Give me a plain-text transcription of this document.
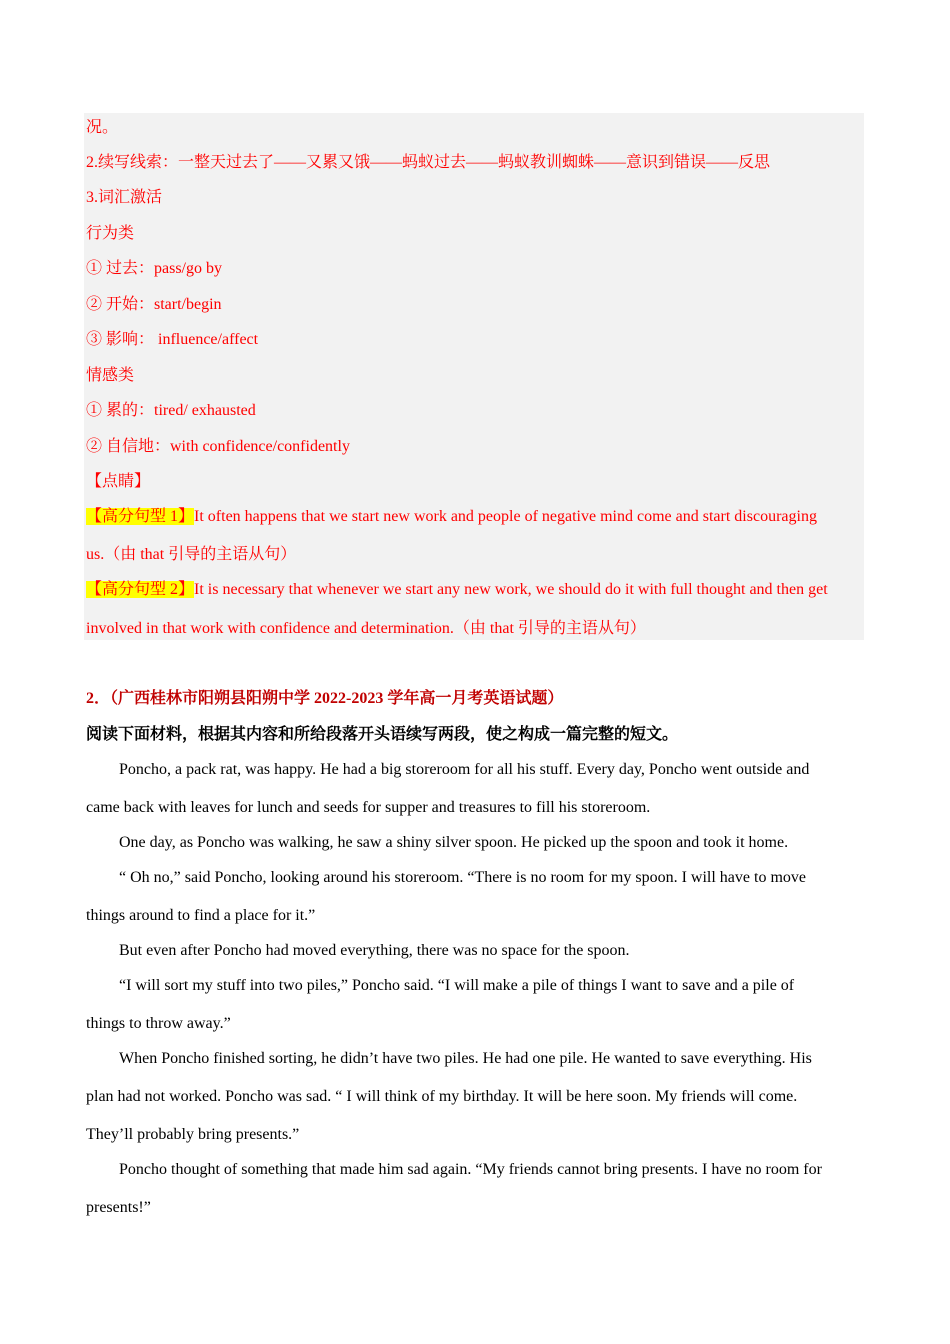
况。
2.续写线索：一整天过去了——又累又饿——蚂蚁过去——蚂蚁教训蜘蛛——意识到错误——反思
3.词汇激活
行为类
① 过去：pass/go by
② 开始：start/begin
③ 影响： influence/affect
情感类
① 累的：tired/ exhausted
② 自信地：with confidence/confidently
【点睛】
【高分句型 1】It often happens that we start new work and people of negative mind come and start discouraging
us.（由 that 引导的主语从句）
【高分句型 2】It is necessary that whenever we start any new work, we should do it with full thought and then get
involved in that work with confidence and determination.（由 that 引导的主语从句）
2．（广西桂林市阳朔县阳朔中学 2022-2023 学年高一月考英语试题）
阅读下面材料，根据其内容和所给段落开头语续写两段，使之构成一篇完整的短文。
Poncho, a pack rat, was happy. He had a big storeroom for all his stuff. Every day, Poncho went outside and
came back with leaves for lunch and seeds for supper and treasures to fill his storeroom.
One day, as Poncho was walking, he saw a shiny silver spoon. He picked up the spoon and took it home.
“ Oh no,” said Poncho, looking around his storeroom. “There is no room for my spoon. I will have to move
things around to find a place for it.”
But even after Poncho had moved everything, there was no space for the spoon.
“I will sort my stuff into two piles,” Poncho said. “I will make a pile of things I want to save and a pile of
things to throw away.”
When Poncho finished sorting, he didn’t have two piles. He had one pile. He wanted to save everything. His
plan had not worked. Poncho was sad. “ I will think of my birthday. It will be here soon. My friends will come.
They’ll probably bring presents.”
Poncho thought of something that made him sad again. “My friends cannot bring presents. I have no room for
presents!”
